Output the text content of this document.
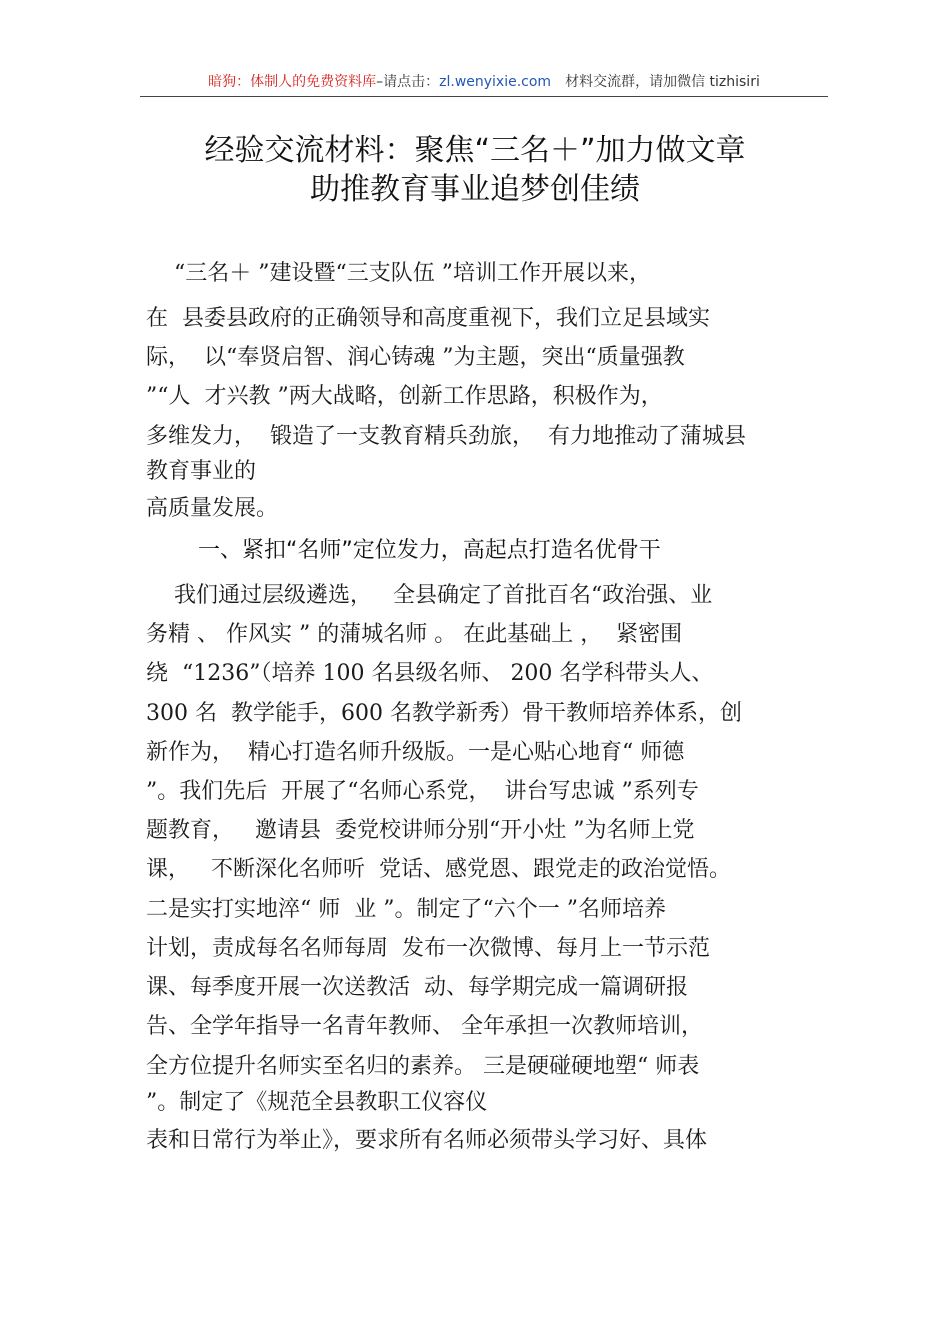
暗狗：体制人的免费资料库–请点击：zl.wenyixie.com 材料交流群，请加微信 tizhisiri
经验交流材料：聚焦“三名＋”加力做文章
助推教育事业追梦创佳绩
“三名＋ ”建设暨“三支队伍 ”培训工作开展以来，
在  县委县政府的正确领导和高度重视下，我们立足县域实
际，  以“奉贤启智、润心铸魂 ”为主题，突出“质量强教
”“人  才兴教 ”两大战略，创新工作思路，积极作为，
多维发力，  锻造了一支教育精兵劲旅，  有力地推动了蒲城县
教育事业的
高质量发展。
一、紧扣“名师”定位发力，高起点打造名优骨干
我们通过层级遴选，   全县确定了首批百名“政治强、业
务精 、 作风实 ” 的蒲城名师 。 在此基础上 ，  紧密围
绕  “1236”（培养 100 名县级名师、 200 名学科带头人、
300 名  教学能手，600 名教学新秀）骨干教师培养体系，创
新作为，  精心打造名师升级版。一是心贴心地育“ 师德
”。我们先后  开展了“名师心系党，  讲台写忠诚 ”系列专
题教育，   邀请县  委党校讲师分别“开小灶 ”为名师上党
课，   不断深化名师听  党话、感党恩、跟党走的政治觉悟。
二是实打实地淬“ 师  业 ”。制定了“六个一 ”名师培养
计划，责成每名名师每周  发布一次微博、每月上一节示范
课、每季度开展一次送教活  动、每学期完成一篇调研报
告、全学年指导一名青年教师、 全年承担一次教师培训，
全方位提升名师实至名归的素养。 三是硬碰硬地塑“ 师表
”。制定了《规范全县教职工仪容仪
表和日常行为举止》，要求所有名师必须带头学习好、具体
